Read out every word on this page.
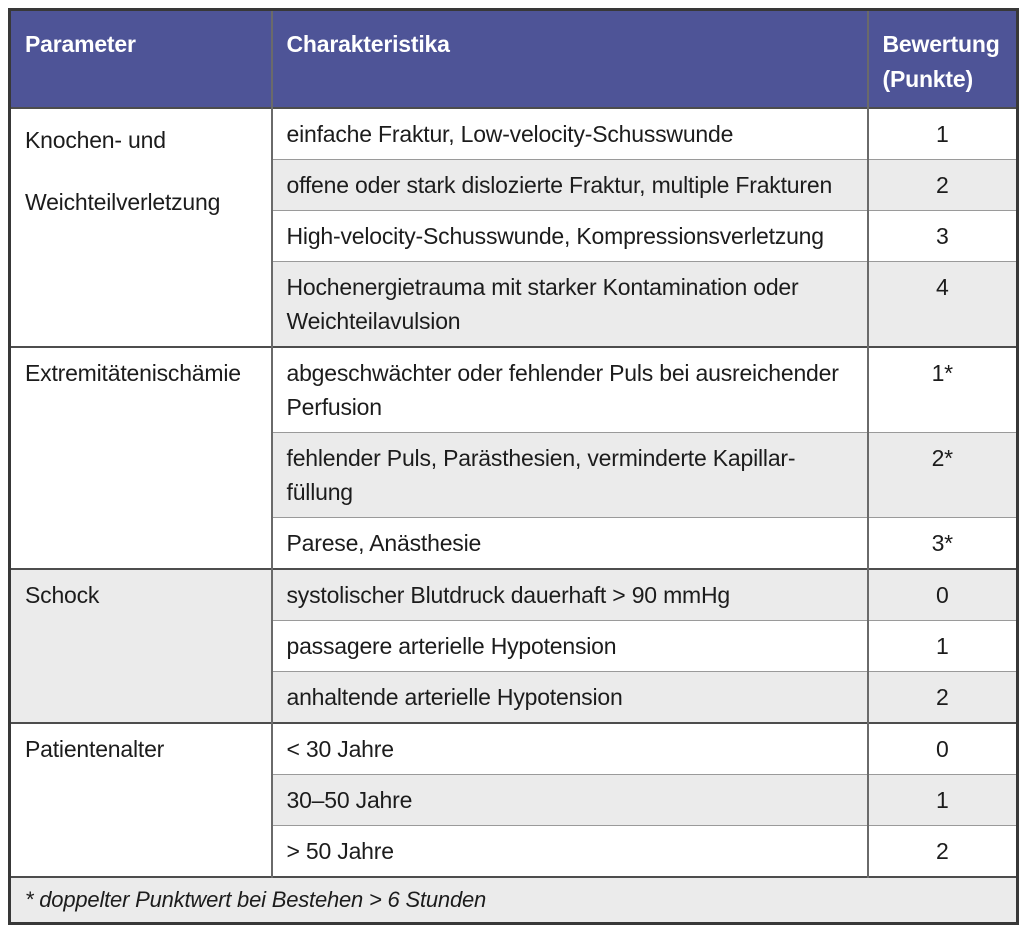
Parameter	Charakteristika	Bewertung (Punkte)
Knochen- und Weichteilverletzung	einfache Fraktur, Low-velocity-Schusswunde	1
	offene oder stark dislozierte Fraktur, multiple Frakturen	2
	High-velocity-Schusswunde, Kompressionsverletzung	3
	Hochenergietrauma mit starker Kontamination oder Weichteilavulsion	4
Extremitätenischämie	abgeschwächter oder fehlender Puls bei ausreichender Perfusion	1*
	fehlender Puls, Parästhesien, verminderte Kapillar-füllung	2*
	Parese, Anästhesie	3*
Schock	systolischer Blutdruck dauerhaft > 90 mmHg	0
	passagere arterielle Hypotension	1
	anhaltende arterielle Hypotension	2
Patientenalter	< 30 Jahre	0
	30–50 Jahre	1
	> 50 Jahre	2
* doppelter Punktwert bei Bestehen > 6 Stunden		
